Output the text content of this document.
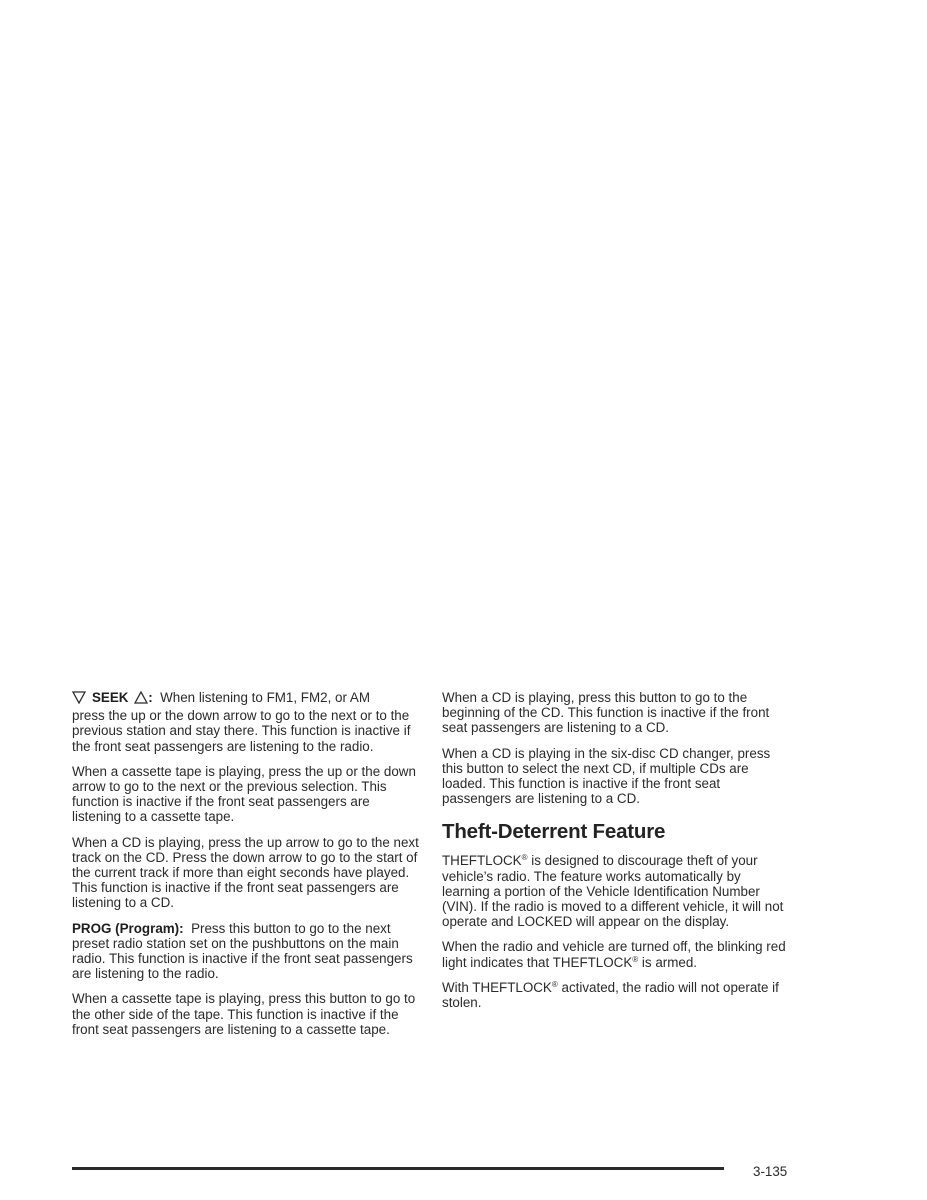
SEEK : When listening to FM1, FM2, or AM
press the up or the down arrow to go to the next or to the previous station and stay there. This function is inactive if the front seat passengers are listening to the radio.

When a cassette tape is playing, press the up or the down arrow to go to the next or the previous selection. This function is inactive if the front seat passengers are listening to a cassette tape.

When a CD is playing, press the up arrow to go to the next track on the CD. Press the down arrow to go to the start of the current track if more than eight seconds have played. This function is inactive if the front seat passengers are listening to a CD.

PROG (Program): Press this button to go to the next preset radio station set on the pushbuttons on the main radio. This function is inactive if the front seat passengers are listening to the radio.

When a cassette tape is playing, press this button to go to the other side of the tape. This function is inactive if the front seat passengers are listening to a cassette tape.

When a CD is playing, press this button to go to the beginning of the CD. This function is inactive if the front seat passengers are listening to a CD.

When a CD is playing in the six-disc CD changer, press this button to select the next CD, if multiple CDs are loaded. This function is inactive if the front seat passengers are listening to a CD.

Theft-Deterrent Feature

THEFTLOCK® is designed to discourage theft of your vehicle’s radio. The feature works automatically by learning a portion of the Vehicle Identification Number (VIN). If the radio is moved to a different vehicle, it will not operate and LOCKED will appear on the display.

When the radio and vehicle are turned off, the blinking red light indicates that THEFTLOCK® is armed.

With THEFTLOCK® activated, the radio will not operate if stolen.

3-135
